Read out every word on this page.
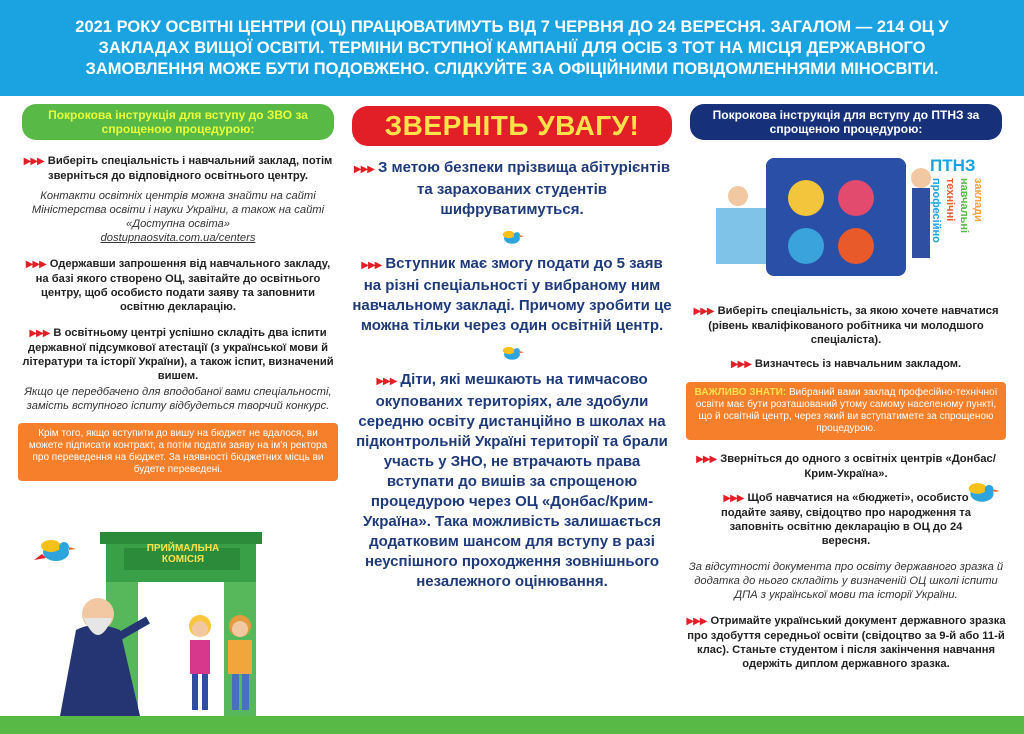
2021 РОКУ ОСВІТНІ ЦЕНТРИ (ОЦ) ПРАЦЮВАТИМУТЬ ВІД 7 ЧЕРВНЯ ДО 24 ВЕРЕСНЯ. ЗАГАЛОМ — 214 ОЦ У ЗАКЛАДАХ ВИЩОЇ ОСВІТИ. ТЕРМІНИ ВСТУПНОЇ КАМПАНІЇ ДЛЯ ОСІБ З ТОТ НА МІСЦЯ ДЕРЖАВНОГО ЗАМОВЛЕННЯ МОЖЕ БУТИ ПОДОВЖЕНО. СЛІДКУЙТЕ ЗА ОФІЦІЙНИМИ ПОВІДОМЛЕННЯМИ МІНОСВІТИ.
Покрокова інструкція для вступу до ЗВО за спрощеною процедурою:

▶▶▶ Виберіть спеціальність і навчальний заклад, потім зверніться до відповідного освітнього центру.

Контакти освітніх центрів можна знайти на сайті Міністерства освіти і науки України, а також на сайті «Доступна освіта»

dostupnaosvita.com.ua/centers

▶▶▶ Одержавши запрошення від навчального закладу, на базі якого створено ОЦ, завітайте до освітнього центру, щоб особисто подати заяву та заповнити освітню декларацію.

▶▶▶ В освітньому центрі успішно складіть два іспити державної підсумкової атестації (з української мови й літератури та історії України), а також іспит, визначений вишем.

Якщо це передбачено для вподобаної вами спеціальності, замість вступного іспиту відбудеться творчий конкурс.

Крім того, якщо вступити до вишу на бюджет не вдалося, ви можете підписати контракт, а потім подати заяву на ім'я ректора про переведення на бюджет. За наявності бюджетних місць ви будете переведені.
ПРИЙМАЛЬНА КОМІСІЯ
ЗВЕРНІТЬ УВАГУ!

▶▶▶ З метою безпеки прізвища абітурієнтів та зарахованих студентів шифруватимуться.

▶▶▶ Вступник має змогу подати до 5 заяв на різні спеціальності у вибраному ним навчальному закладі. Причому зробити це можна тільки через один освітній центр.

▶▶▶ Діти, які мешкають на тимчасово окупованих територіях, але здобули середню освіту дистанційно в школах на підконтрольній Україні території та брали участь у ЗНО, не втрачають права вступати до вишів за спрощеною процедурою через ОЦ «Донбас/Крим-Україна». Така можливість залишається додатковим шансом для вступу в разі неуспішного проходження зовнішнього незалежного оцінювання.

Покрокова інструкція для вступу до ПТНЗ за спрощеною процедурою:
ПТНЗ
професійно технічні навчальні заклади

▶▶▶ Виберіть спеціальність, за якою хочете навчатися (рівень кваліфікованого робітника чи молодшого спеціаліста).

▶▶▶ Визначтесь із навчальним закладом.

ВАЖЛИВО ЗНАТИ: Вибраний вами заклад професійно-технічної освіти має бути розташований утому самому населеному пункті, що й освітній центр, через який ви вступатимете за спрощеною процедурою.

▶▶▶ Зверніться до одного з освітніх центрів «Донбас/Крим-Україна».

▶▶▶ Щоб навчатися на «бюджеті», особисто подайте заяву, свідоцтво про народження та заповніть освітню декларацію в ОЦ до 24 вересня.

За відсутності документа про освіту державного зразка й додатка до нього складіть у визначеній ОЦ школі іспити ДПА з української мови та історії України.

▶▶▶ Отримайте український документ державного зразка про здобуття середньої освіти (свідоцтво за 9-й або 11-й клас). Станьте студентом і після закінчення навчання одержіть диплом державного зразка.
